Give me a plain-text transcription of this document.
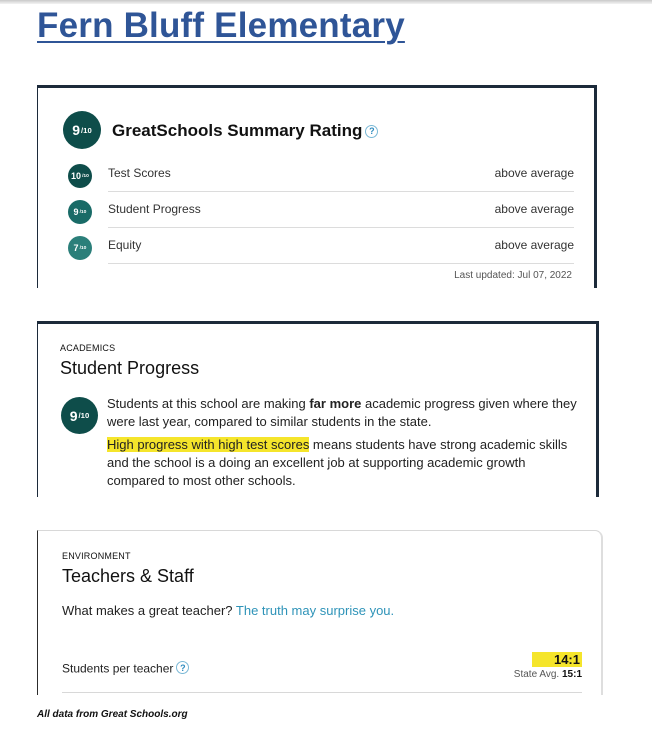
Fern Bluff Elementary
9 /10 GreatSchools Summary Rating ?
10 /10 Test Scores	above average
9 /10 Student Progress	above average
7 /10 Equity	above average
Last updated: Jul 07, 2022
ACADEMICS
Student Progress
9 /10

Students at this school are making far more academic progress given where they were last year, compared to similar students in the state.

High progress with high test scores means students have strong academic skills and the school is a doing an excellent job at supporting academic growth compared to most other schools.

ENVIRONMENT
Teachers & Staff
What makes a great teacher? The truth may surprise you.
Students per teacher ?
14:1
State Avg. 15:1
All data from Great Schools.org
